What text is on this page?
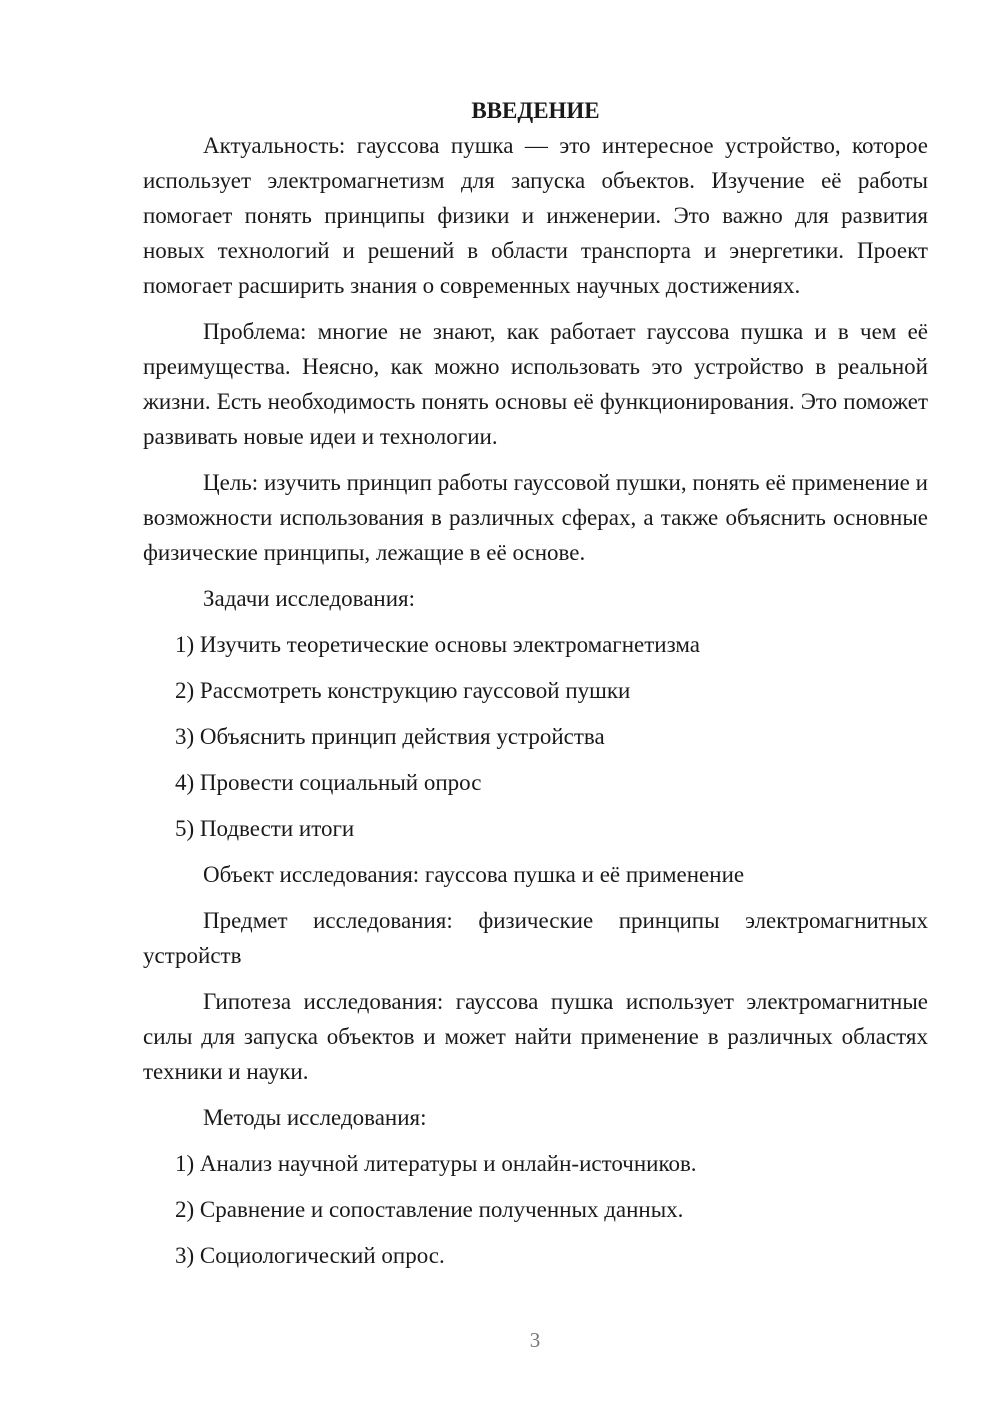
ВВЕДЕНИЕ

Актуальность: гауссова пушка — это интересное устройство, которое использует электромагнетизм для запуска объектов. Изучение её работы помогает понять принципы физики и инженерии. Это важно для развития новых технологий и решений в области транспорта и энергетики. Проект помогает расширить знания о современных научных достижениях.

Проблема: многие не знают, как работает гауссова пушка и в чем её преимущества. Неясно, как можно использовать это устройство в реальной жизни. Есть необходимость понять основы её функционирования. Это поможет развивать новые идеи и технологии.

Цель: изучить принцип работы гауссовой пушки, понять её применение и возможности использования в различных сферах, а также объяснить основные физические принципы, лежащие в её основе.

Задачи исследования:

1) Изучить теоретические основы электромагнетизма

2) Рассмотреть конструкцию гауссовой пушки

3) Объяснить принцип действия устройства

4) Провести социальный опрос

5) Подвести итоги

Объект исследования: гауссова пушка и её применение

Предмет исследования: физические принципы электромагнитных устройств

Гипотеза исследования: гауссова пушка использует электромагнитные силы для запуска объектов и может найти применение в различных областях техники и науки.

Методы исследования:

1) Анализ научной литературы и онлайн-источников.

2) Сравнение и сопоставление полученных данных.

3) Социологический опрос.

3
